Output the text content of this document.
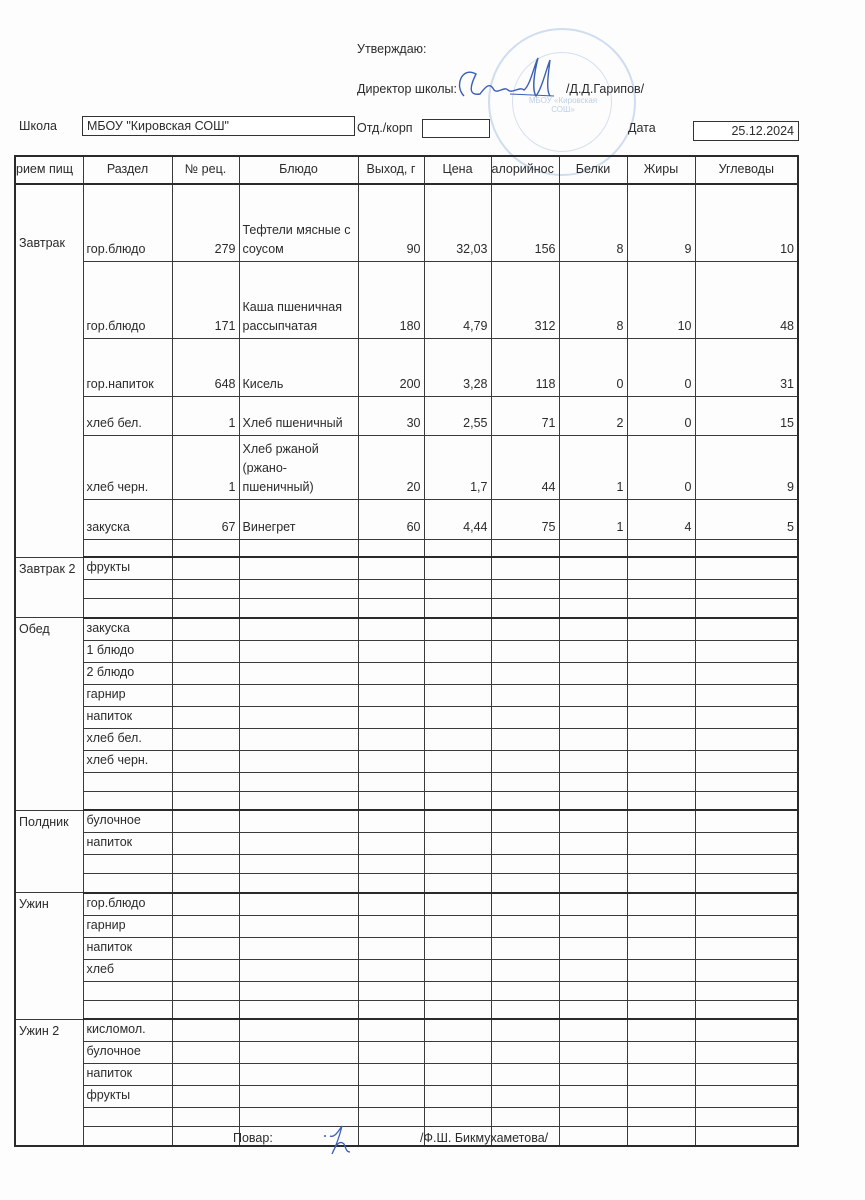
Утверждаю:
Директор школы:	/Д.Д.Гарипов/
МБОУ «Кировская СОШ»
Школа МБОУ "Кировская СОШ"	Отд./корп	Дата	25.12.2024
рием пищ	Раздел	№ рец.	Блюдо	Выход, г	Цена	алорийнос	Белки	Жиры	Углеводы
Завтрак	гор.блюдо	279	Тефтели мясные с соусом	90	32,03	156	8	9	10
	гор.блюдо	171	Каша пшеничная рассыпчатая	180	4,79	312	8	10	48
	гор.напиток	648	Кисель	200	3,28	118	0	0	31
	хлеб бел.	1	Хлеб пшеничный	30	2,55	71	2	0	15
	хлеб черн.	1	Хлеб ржаной (ржано-пшеничный)	20	1,7	44	1	0	9
	закуска	67	Винегрет	60	4,44	75	1	4	5

Завтрак 2	фрукты								

Обед	закуска								
	1 блюдо								
	2 блюдо								
	гарнир								
	напиток								
	хлеб бел.								
	хлеб черн.								

Полдник	булочное								
	напиток								

Ужин	гор.блюдо								
	гарнир								
	напиток								
	хлеб								

Ужин 2	кисломол.								
	булочное								
	напиток								
	фрукты								

Повар:	/Ф.Ш. Бикмухаметова/
